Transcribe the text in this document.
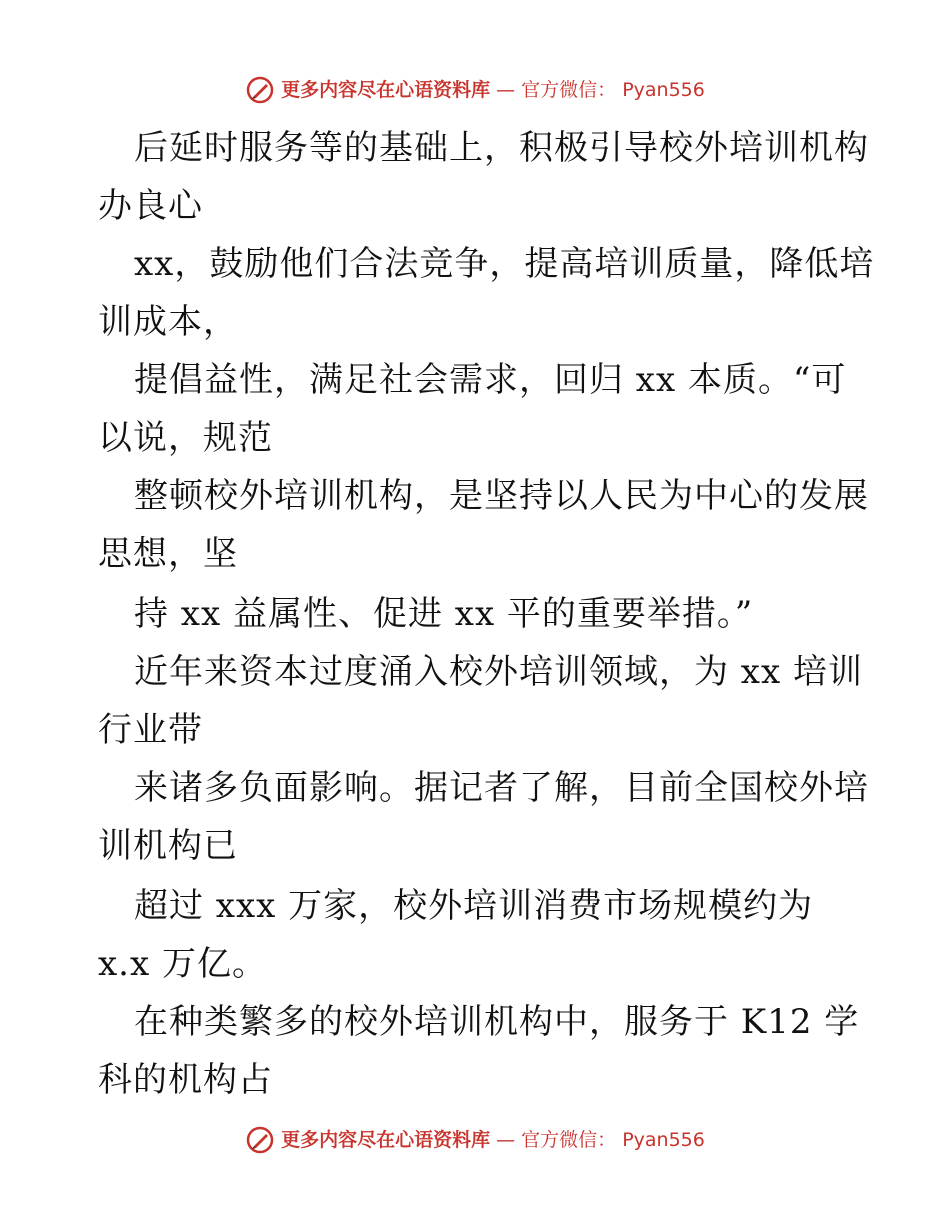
更多内容尽在心语资料库 — 官方微信： Pyan556
后延时服务等的基础上，积极引导校外培训机构
办良心
xx，鼓励他们合法竞争，提高培训质量，降低培
训成本，
提倡益性，满足社会需求，回归 xx 本质。“可
以说，规范
整顿校外培训机构，是坚持以人民为中心的发展
思想，坚
持 xx 益属性、促进 xx 平的重要举措。”
近年来资本过度涌入校外培训领域，为 xx 培训
行业带
来诸多负面影响。据记者了解，目前全国校外培
训机构已
超过 xxx 万家，校外培训消费市场规模约为
x.x 万亿。
在种类繁多的校外培训机构中，服务于 K12 学
科的机构占
更多内容尽在心语资料库 — 官方微信： Pyan556
